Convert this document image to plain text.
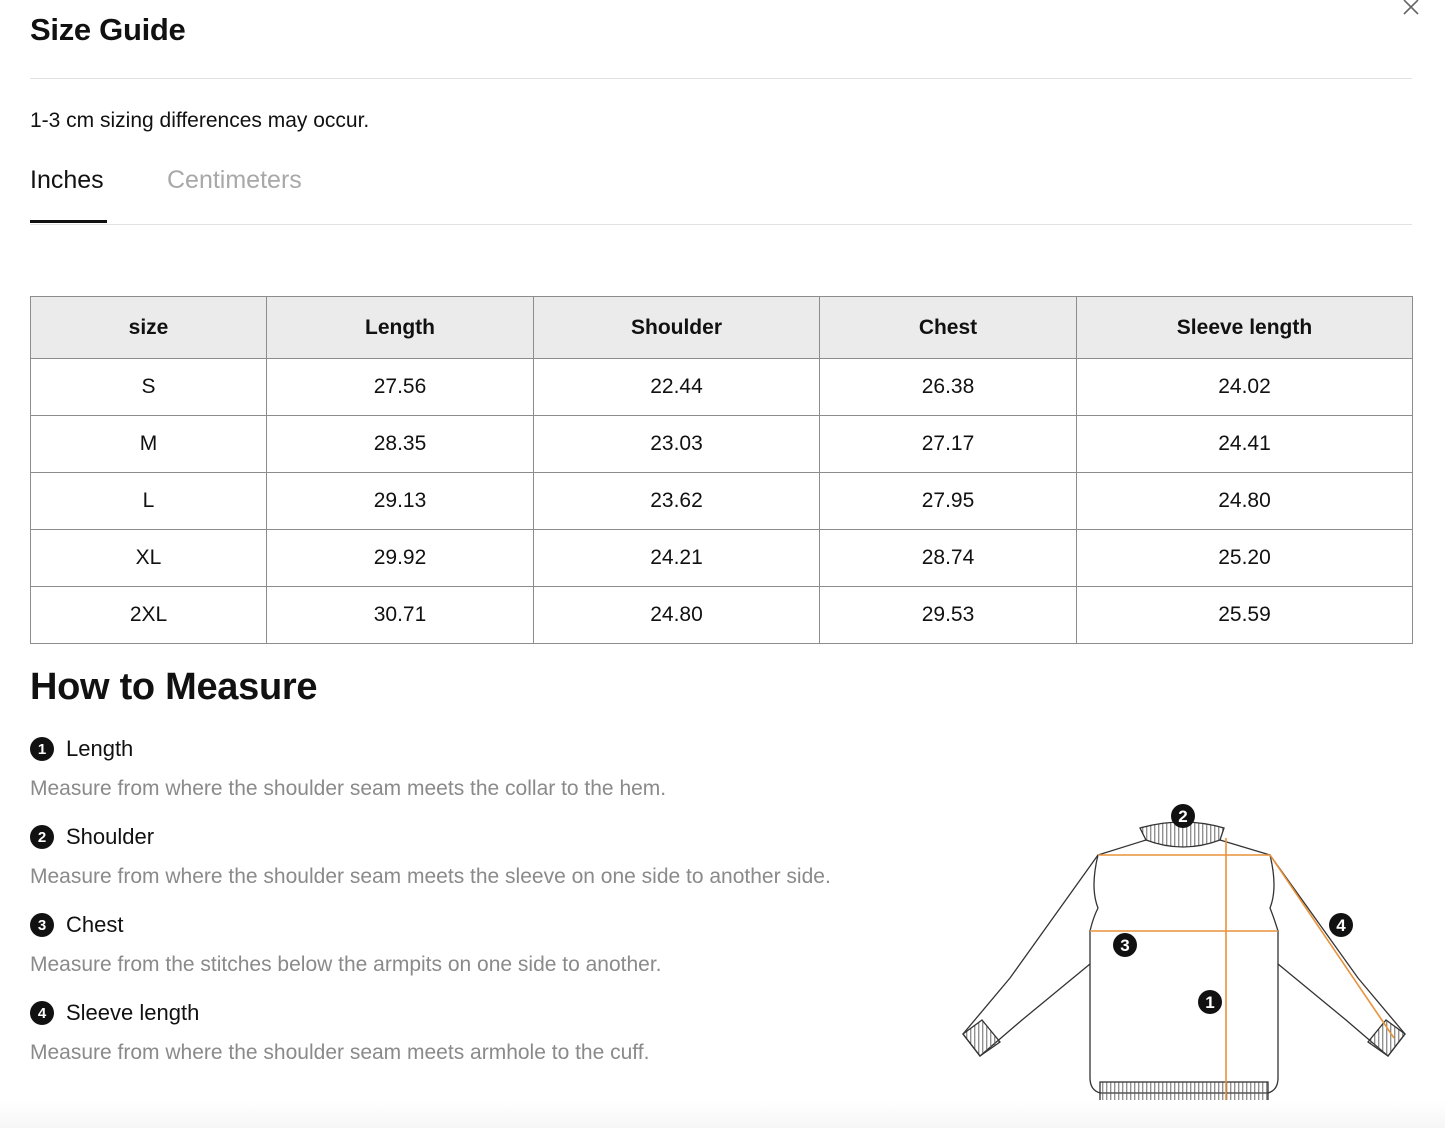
Size Guide
1-3 cm sizing differences may occur.
Inches	Centimeters
size	Length	Shoulder	Chest	Sleeve length
S	27.56	22.44	26.38	24.02
M	28.35	23.03	27.17	24.41
L	29.13	23.62	27.95	24.80
XL	29.92	24.21	28.74	25.20
2XL	30.71	24.80	29.53	25.59
How to Measure
1 Length
Measure from where the shoulder seam meets the collar to the hem.
2 Shoulder
Measure from where the shoulder seam meets the sleeve on one side to another side.
3 Chest
Measure from the stitches below the armpits on one side to another.
4 Sleeve length
Measure from where the shoulder seam meets armhole to the cuff.
2
3
1
4
